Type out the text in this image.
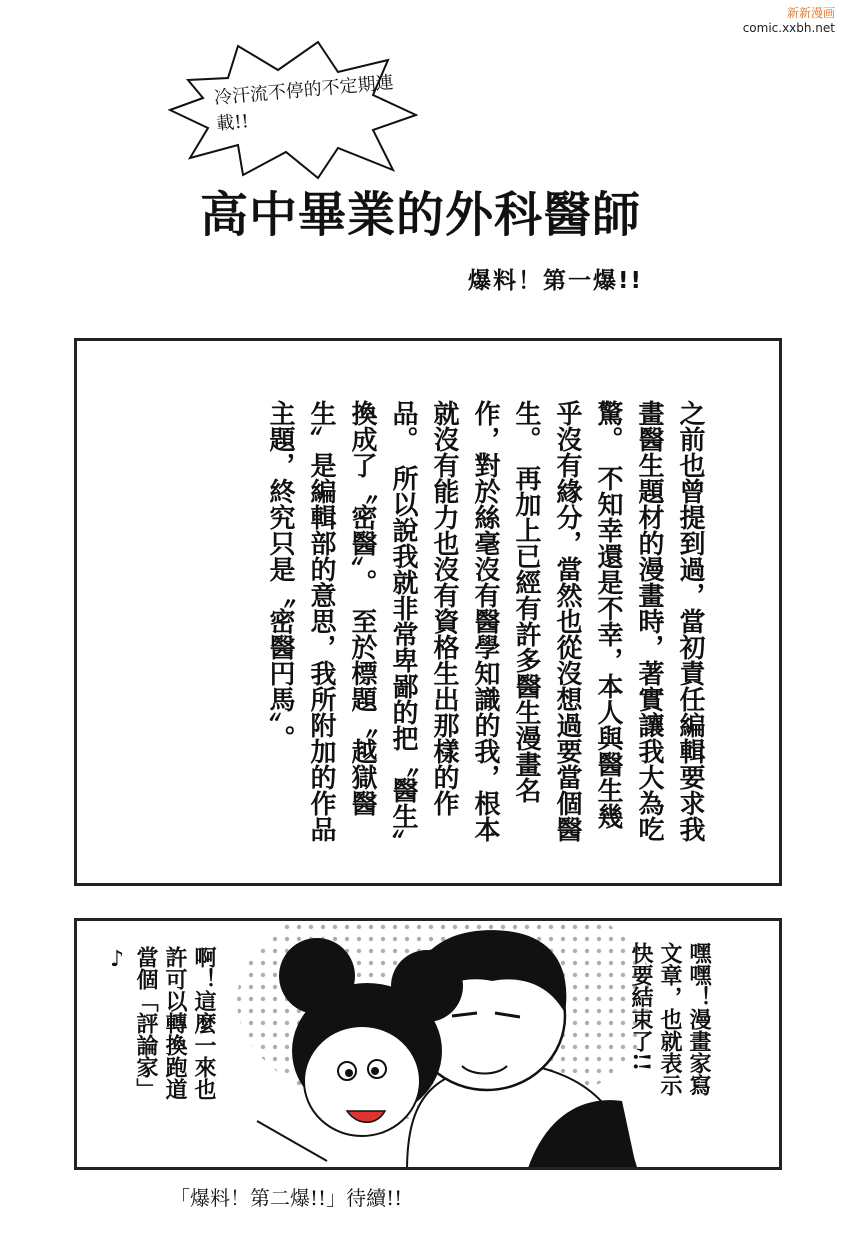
新新漫画
comic.xxbh.net
冷汗流不停的不定期連載!!
高中畢業的外科醫師
爆料！第一爆!!
之前也曾提到過，當初責任編輯要求我畫醫生題材的漫畫時，著實讓我大為吃驚。　不知幸還是不幸，本人與醫生幾乎沒有緣分，當然也從沒想過要當個醫生。　再加上已經有許多醫生漫畫名作，對於絲毫沒有醫學知識的我，根本就沒有能力也沒有資格生出那樣的作品。　所以說我就非常卑鄙的把〝醫生〞換成了〝密醫〞。　至於標題〝越獄醫生〞是編輯部的意思，我所附加的作品主題，終究只是〝密醫円馬〞。
嘿嘿！漫畫家寫文章，也就表示快要結束了!!
啊！這麼一來也許可以轉換跑道當個「評論家」♪
「爆料！第二爆!!」待續!!
